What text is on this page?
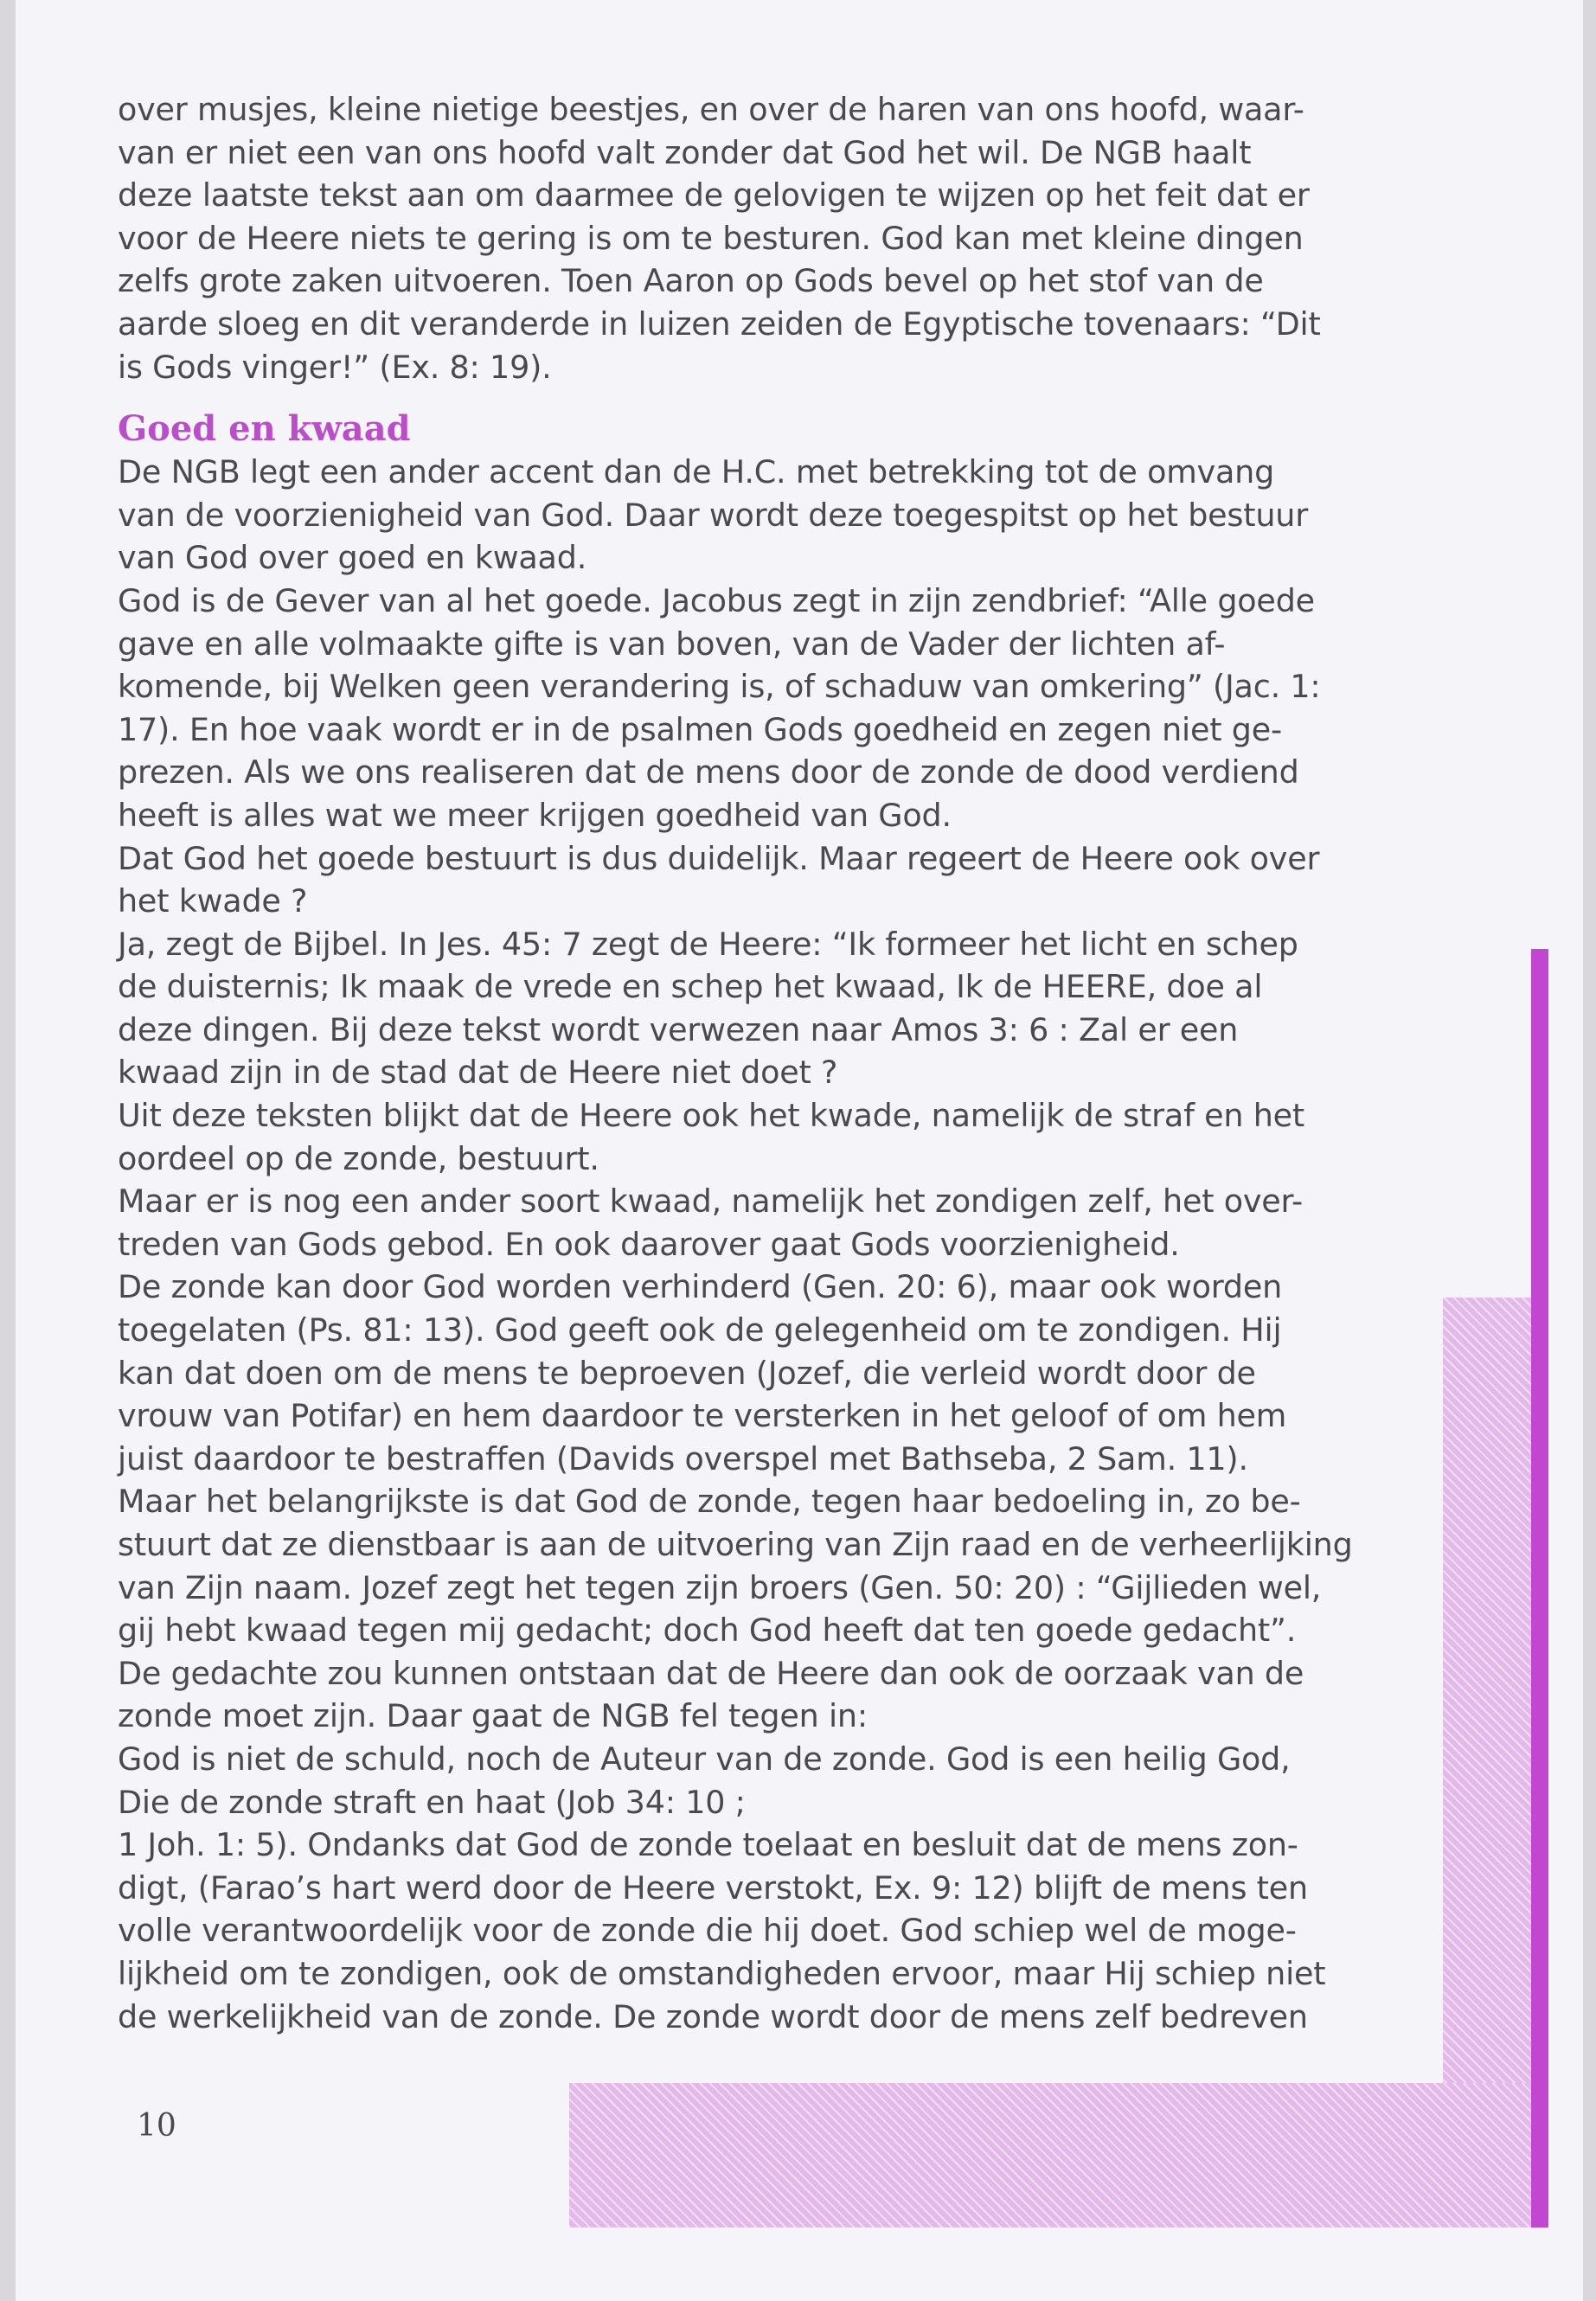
over musjes, kleine nietige beestjes, en over de haren van ons hoofd, waar-
van er niet een van ons hoofd valt zonder dat God het wil. De NGB haalt
deze laatste tekst aan om daarmee de gelovigen te wijzen op het feit dat er
voor de Heere niets te gering is om te besturen. God kan met kleine dingen
zelfs grote zaken uitvoeren. Toen Aaron op Gods bevel op het stof van de
aarde sloeg en dit veranderde in luizen zeiden de Egyptische tovenaars: “Dit
is Gods vinger!” (Ex. 8: 19).
Goed en kwaad
De NGB legt een ander accent dan de H.C. met betrekking tot de omvang
van de voorzienigheid van God. Daar wordt deze toegespitst op het bestuur
van God over goed en kwaad.
God is de Gever van al het goede. Jacobus zegt in zijn zendbrief: “Alle goede
gave en alle volmaakte gifte is van boven, van de Vader der lichten af-
komende, bij Welken geen verandering is, of schaduw van omkering” (Jac. 1:
17). En hoe vaak wordt er in de psalmen Gods goedheid en zegen niet ge-
prezen. Als we ons realiseren dat de mens door de zonde de dood verdiend
heeft is alles wat we meer krijgen goedheid van God.
Dat God het goede bestuurt is dus duidelijk. Maar regeert de Heere ook over
het kwade ?
Ja, zegt de Bijbel. In Jes. 45: 7 zegt de Heere: “Ik formeer het licht en schep
de duisternis; Ik maak de vrede en schep het kwaad, Ik de HEERE, doe al
deze dingen. Bij deze tekst wordt verwezen naar Amos 3: 6 : Zal er een
kwaad zijn in de stad dat de Heere niet doet ?
Uit deze teksten blijkt dat de Heere ook het kwade, namelijk de straf en het
oordeel op de zonde, bestuurt.
Maar er is nog een ander soort kwaad, namelijk het zondigen zelf, het over-
treden van Gods gebod. En ook daarover gaat Gods voorzienigheid.
De zonde kan door God worden verhinderd (Gen. 20: 6), maar ook worden
toegelaten (Ps. 81: 13). God geeft ook de gelegenheid om te zondigen. Hij
kan dat doen om de mens te beproeven (Jozef, die verleid wordt door de
vrouw van Potifar) en hem daardoor te versterken in het geloof of om hem
juist daardoor te bestraffen (Davids overspel met Bathseba, 2 Sam. 11).
Maar het belangrijkste is dat God de zonde, tegen haar bedoeling in, zo be-
stuurt dat ze dienstbaar is aan de uitvoering van Zijn raad en de verheerlijking
van Zijn naam. Jozef zegt het tegen zijn broers (Gen. 50: 20) : “Gijlieden wel,
gij hebt kwaad tegen mij gedacht; doch God heeft dat ten goede gedacht”.
De gedachte zou kunnen ontstaan dat de Heere dan ook de oorzaak van de
zonde moet zijn. Daar gaat de NGB fel tegen in:
God is niet de schuld, noch de Auteur van de zonde. God is een heilig God,
Die de zonde straft en haat (Job 34: 10 ;
1 Joh. 1: 5). Ondanks dat God de zonde toelaat en besluit dat de mens zon-
digt, (Farao’s hart werd door de Heere verstokt, Ex. 9: 12) blijft de mens ten
volle verantwoordelijk voor de zonde die hij doet. God schiep wel de moge-
lijkheid om te zondigen, ook de omstandigheden ervoor, maar Hij schiep niet
de werkelijkheid van de zonde. De zonde wordt door de mens zelf bedreven
10
